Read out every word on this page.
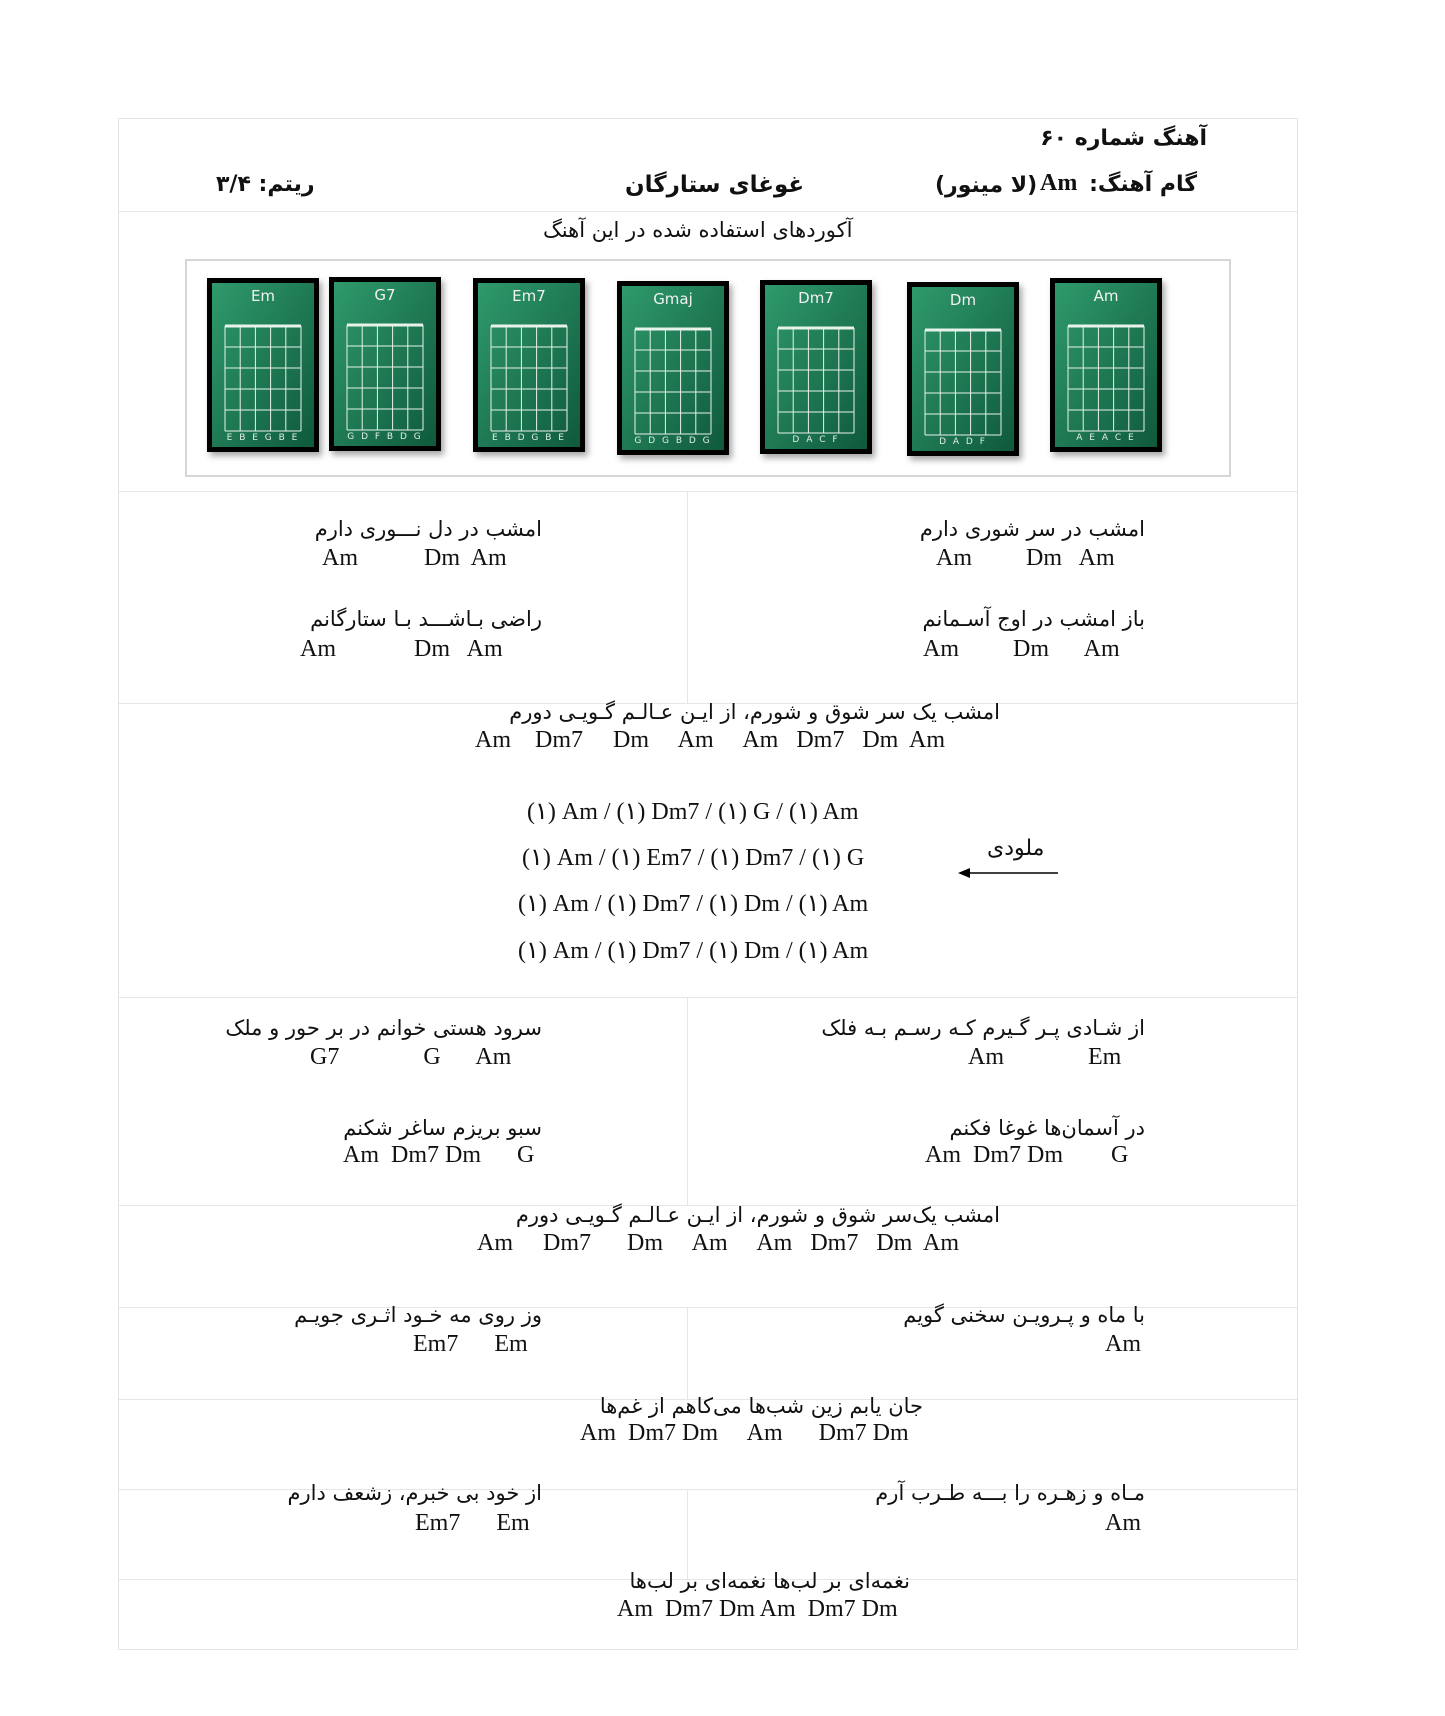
آهنگ شماره ۶۰
گام آهنگ:
Am
(لا مینور)
غوغای ستارگان
ریتم: ۳/۴
آکوردهای استفاده شده در این آهنگ
Em
E B E G B E
G7
G D F B D G
Em7
E B D G B E
Gmaj
G D G B D G
Dm7
D A C F
Dm
D A D F
Am
A E A C E
امشب در دل نـــوری دارم
Am           Dm  Am
راضی بـاشـــد بـا ستارگانم
Am             Dm   Am
امشب در سر شوری دارم
Am         Dm   Am
باز امشب در اوج آسـمانم
Am         Dm      Am
امشب یک سر شوق و شورم، از ایـن عـالـم گـویـی دورم
Am    Dm7     Dm     Am     Am   Dm7   Dm  Am
(۱) Am / (۱) Dm7 / (۱) G / (۱) Am
(۱) Am / (۱) Em7 / (۱) Dm7 / (۱) G
(۱) Am / (۱) Dm7 / (۱) Dm / (۱) Am
(۱) Am / (۱) Dm7 / (۱) Dm / (۱) Am
ملودی
سرود هستی خوانم در بر حور و ملک
G7              G      Am
سبو بریزم ساغر شکنم
Am  Dm7 Dm      G
از شـادی پـر گـیرم کـه رسـم بـه فلک
Am              Em
در آسمان‌ها غوغا فکنم
Am  Dm7 Dm        G
امشب یک‌سر شوق و شورم، از ایـن عـالـم گـویـی دورم
Am     Dm7      Dm     Am     Am   Dm7   Dm  Am
وز روی مه خـود اثـری جویـم
Em7      Em
با ماه و پـرویـن سخنی گویم
Am
جان یابم زین شب‌ها می‌کاهم از غم‌ها
Am  Dm7 Dm     Am      Dm7 Dm
از خود بی خبرم، زشعف دارم
Em7      Em
مـاه و زهـره را بـــه طـرب آرم
Am
نغمه‌ای بر لب‌ها نغمه‌ای بر لب‌ها
Am  Dm7 Dm Am  Dm7 Dm
